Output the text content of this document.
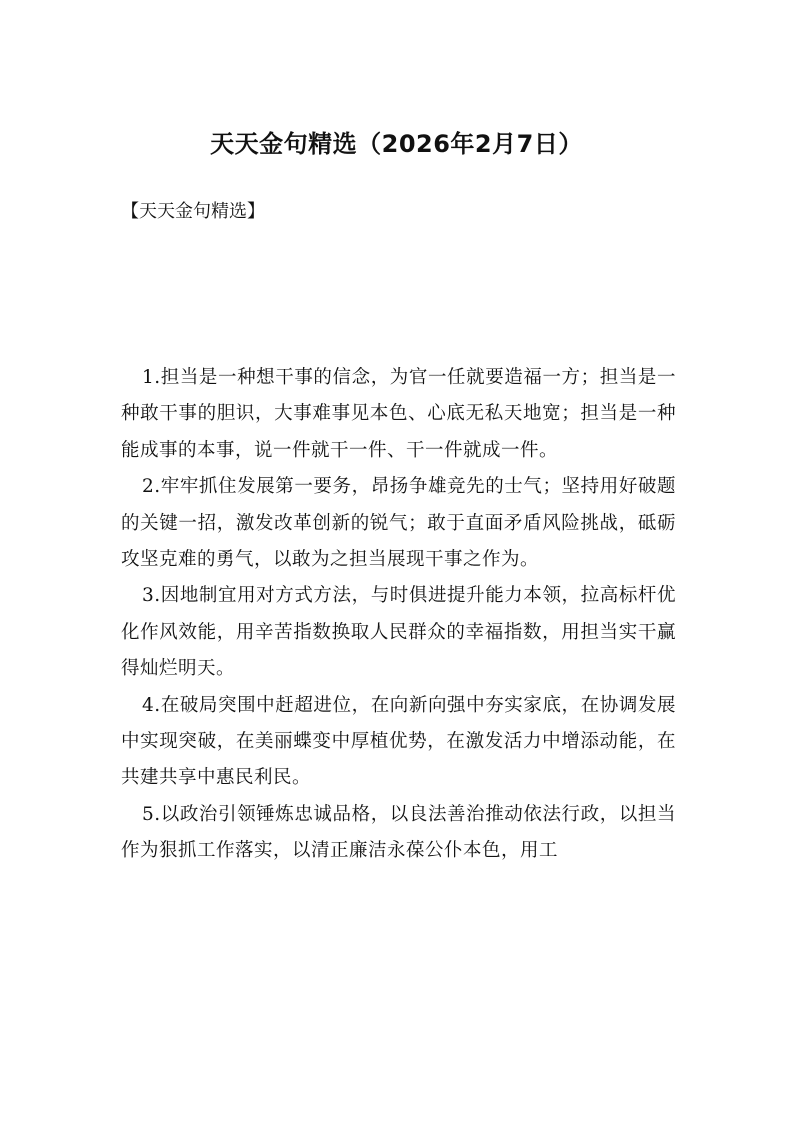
天天金句精选（2026年2月7日）
【天天金句精选】

1.担当是一种想干事的信念，为官一任就要造福一方；担当是一种敢干事的胆识，大事难事见本色、心底无私天地宽；担当是一种能成事的本事，说一件就干一件、干一件就成一件。

2.牢牢抓住发展第一要务，昂扬争雄竞先的士气；坚持用好破题的关键一招，激发改革创新的锐气；敢于直面矛盾风险挑战，砥砺攻坚克难的勇气，以敢为之担当展现干事之作为。

3.因地制宜用对方式方法，与时俱进提升能力本领，拉高标杆优化作风效能，用辛苦指数换取人民群众的幸福指数，用担当实干赢得灿烂明天。

4.在破局突围中赶超进位，在向新向强中夯实家底，在协调发展中实现突破，在美丽蝶变中厚植优势，在激发活力中增添动能，在共建共享中惠民利民。

5.以政治引领锤炼忠诚品格，以良法善治推动依法行政，以担当作为狠抓工作落实，以清正廉洁永葆公仆本色，用工
